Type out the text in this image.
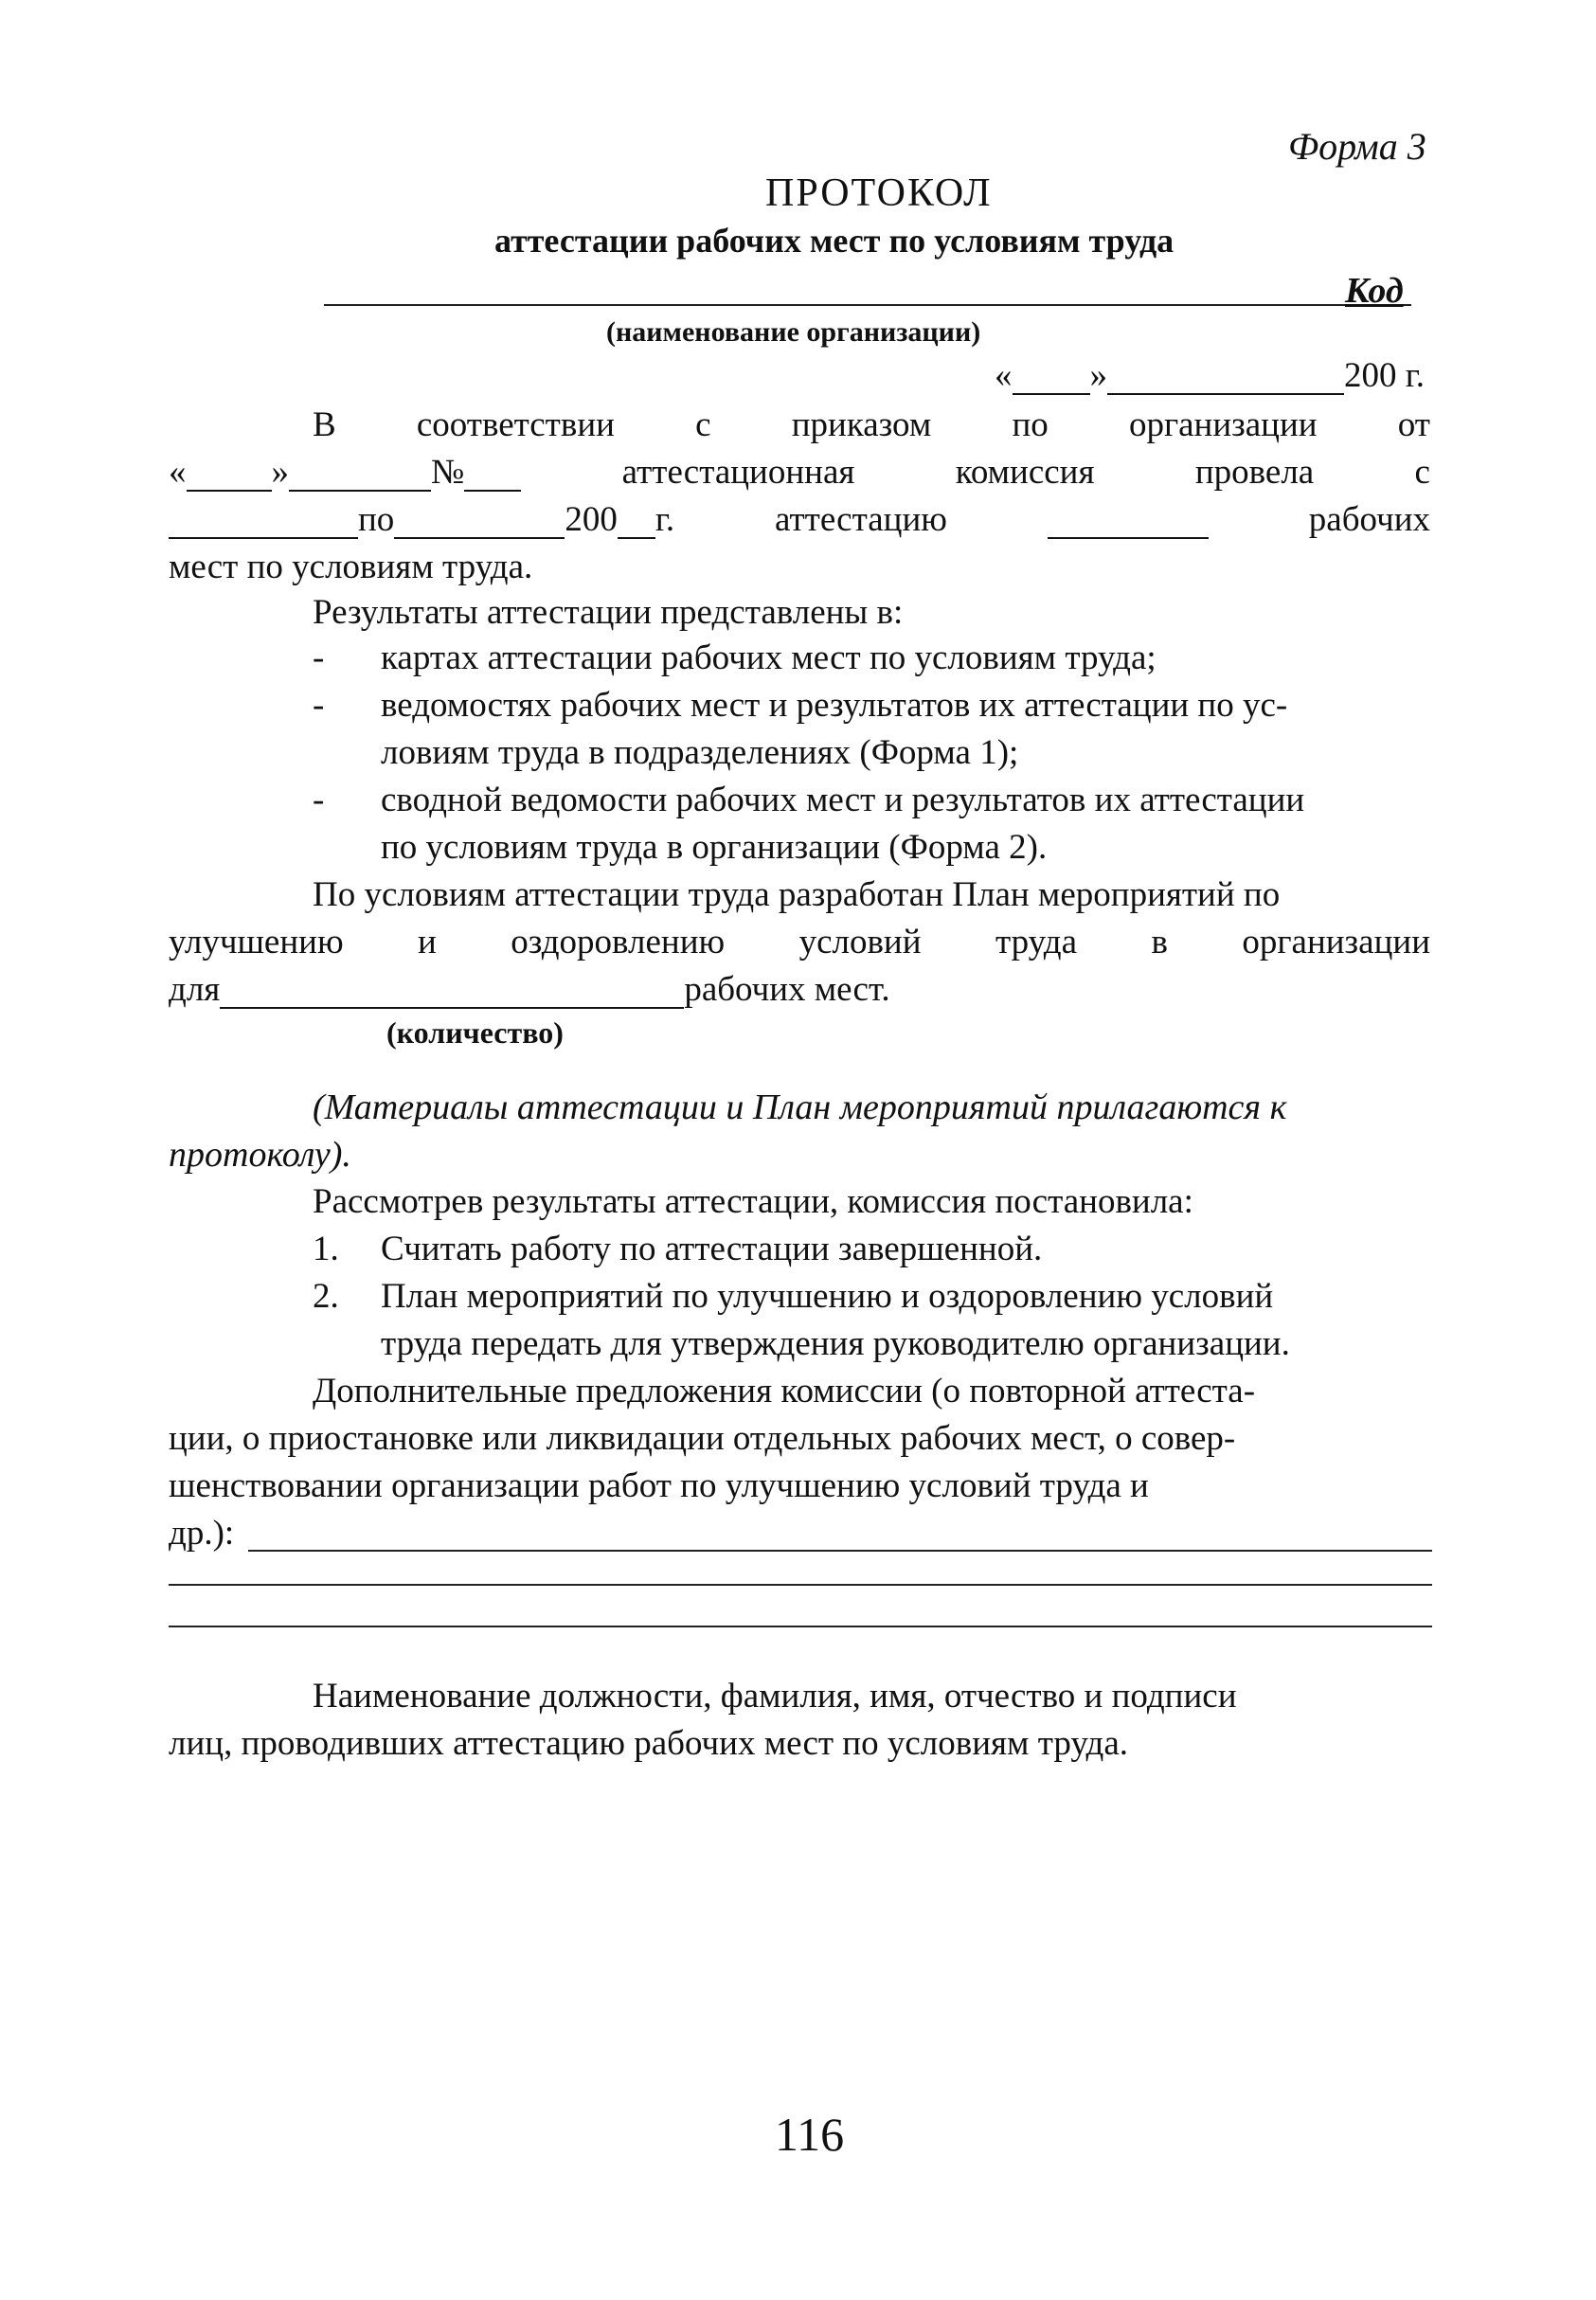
Форма 3
ПРОТОКОЛ
аттестации рабочих мест по условиям труда
Код
(наименование организации)
« »	200 г.
В соответствии с приказом по организации от
« »	№	аттестационная	комиссия	провела	с
по	200 г.	аттестацию
	рабочих
мест по условиям труда.
Результаты аттестации представлены в:
- картах аттестации рабочих мест по условиям труда;
- ведомостях рабочих мест и результатов их аттестации по ус-
ловиям труда в подразделениях (Форма 1);
- сводной ведомости рабочих мест и результатов их аттестации
по условиям труда в организации (Форма 2).
По условиям аттестации труда разработан План мероприятий по
улучшению и оздоровлению условий труда в организации
для	рабочих мест.
(количество)
(Материалы аттестации и План мероприятий прилагаются к
протоколу).
Рассмотрев результаты аттестации, комиссия постановила:
1. Считать работу по аттестации завершенной.
2. План мероприятий по улучшению и оздоровлению условий
труда передать для утверждения руководителю организации.
Дополнительные предложения комиссии (о повторной аттеста-
ции, о приостановке или ликвидации отдельных рабочих мест, о совер-
шенствовании организации работ по улучшению условий труда и
др.):
Наименование должности, фамилия, имя, отчество и подписи
лиц, проводивших аттестацию рабочих мест по условиям труда.
116
